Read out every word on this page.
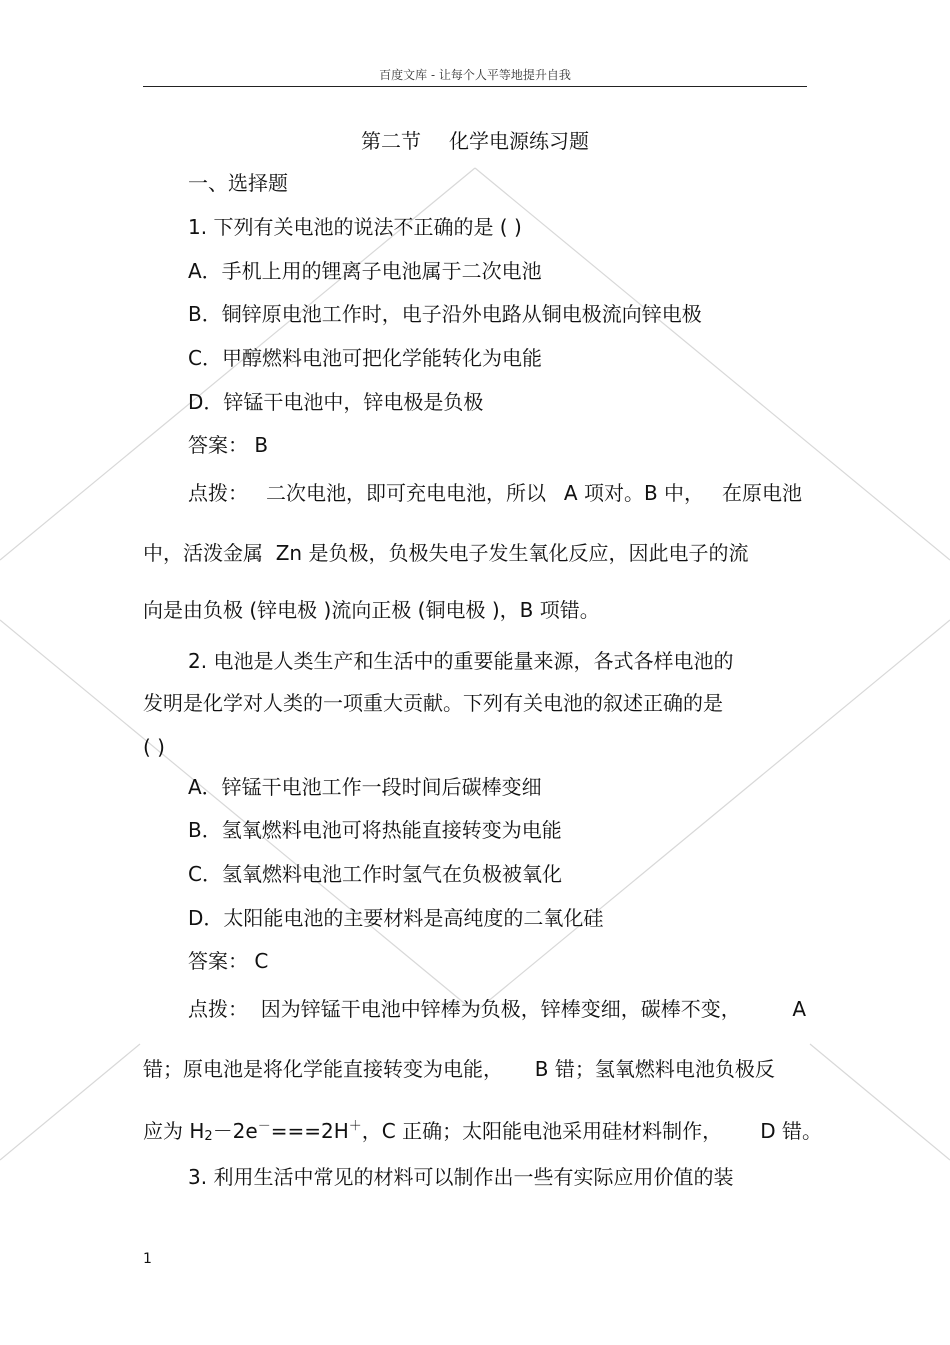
百度文库 - 让每个人平等地提升自我
第二节 化学电源练习题
一、选择题
1. 下列有关电池的说法不正确的是 ( )
A．手机上用的锂离子电池属于二次电池
B．铜锌原电池工作时，电子沿外电路从铜电极流向锌电极
C．甲醇燃料电池可把化学能转化为电能
D．锌锰干电池中，锌电极是负极
答案： B
点拨： 二次电池，即可充电电池，所以 A 项对。B 中， 在原电池
中，活泼金属 Zn 是负极，负极失电子发生氧化反应，因此电子的流
向是由负极 (锌电极 )流向正极 (铜电极 )，B 项错。
2. 电池是人类生产和生活中的重要能量来源，各式各样电池的
发明是化学对人类的一项重大贡献。下列有关电池的叙述正确的是
( )
A．锌锰干电池工作一段时间后碳棒变细
B．氢氧燃料电池可将热能直接转变为电能
C．氢氧燃料电池工作时氢气在负极被氧化
D．太阳能电池的主要材料是高纯度的二氧化硅
答案： C
点拨： 因为锌锰干电池中锌棒为负极，锌棒变细，碳棒不变，	A
错；原电池是将化学能直接转变为电能， B 错；氢氧燃料电池负极反
应为 $H_2-2e^-===2H^+$，C 正确；太阳能电池采用硅材料制作， D 错。
3. 利用生活中常见的材料可以制作出一些有实际应用价值的装
1
